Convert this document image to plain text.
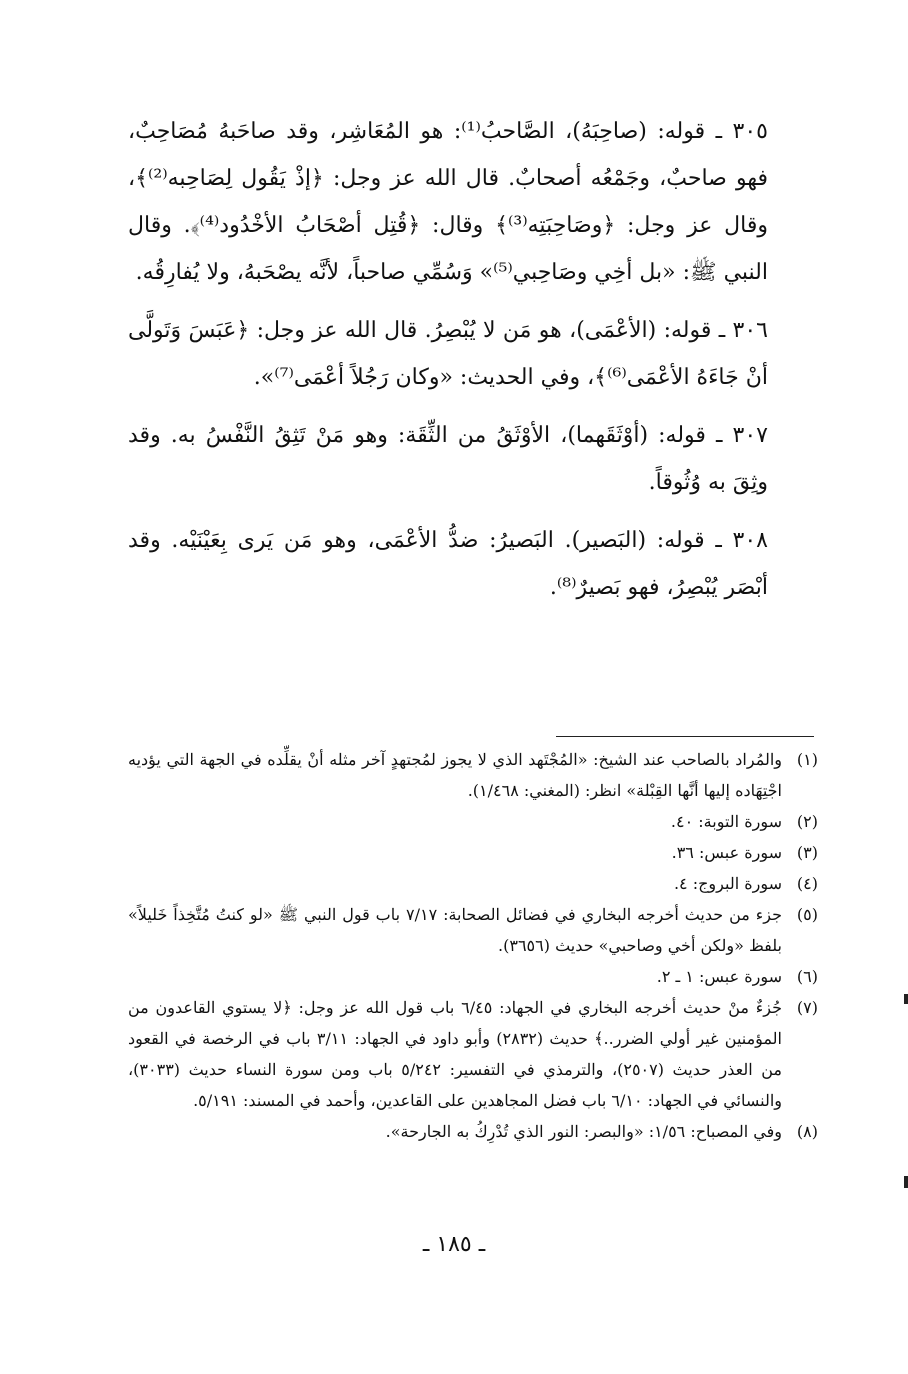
٣٠٥ ـ قوله: (صاحِبَهُ)، الصَّاحبُ⁽¹⁾: هو المُعَاشِر، وقد صاحَبهُ مُصَاحِبٌ، فهو صاحبٌ، وجَمْعُه أصحابٌ. قال الله عز وجل: ﴿إذْ يَقُول لِصَاحِبه⁽²⁾﴾، وقال عز وجل: ﴿وصَاحِبَتِه⁽³⁾﴾ وقال: ﴿قُتِل أصْحَابُ الأخْدُود⁽⁴⁾﴾. وقال النبي ﷺ: «بل أخِي وصَاحِبي⁽⁵⁾» وَسُمِّي صاحباً، لأنَّه يصْحَبهُ، ولا يُفارِقُه.

٣٠٦ ـ قوله: (الأعْمَى)، هو مَن لا يُبْصِرُ. قال الله عز وجل: ﴿عَبَسَ وَتَولَّى أنْ جَاءَهُ الأعْمَى⁽⁶⁾﴾، وفي الحديث: «وكان رَجُلاً أعْمَى⁽⁷⁾».

٣٠٧ ـ قوله: (أوْثَقَهما)، الأوْثَقُ من الثِّقَة: وهو مَنْ تَثِقُ النَّفْسُ به. وقد وثِقَ به وُثُوقاً.

٣٠٨ ـ قوله: (البَصير). البَصيرُ: ضدُّ الأعْمَى، وهو مَن يَرى بِعَيْنَيْه. وقد أبْصَر يُبْصِرُ، فهو بَصيرٌ⁽⁸⁾.

(١)
والمُراد بالصاحب عند الشيخ: «المُجْتَهد الذي لا يجوز لمُجتهدٍ آخر مثله أنْ يقلِّده في الجهة التي يؤديه اجْتِهَاده إليها أنَّها القِبْلة» انظر: (المغني: ١/٤٦٨).

(٢)
سورة التوبة: ٤٠.

(٣)
سورة عبس: ٣٦.

(٤)
سورة البروج: ٤.

(٥)
جزء من حديث أخرجه البخاري في فضائل الصحابة: ٧/١٧ باب قول النبي ﷺ «لو كنتُ مُتَّخِذاً خَليلاً» بلفظ «ولكن أخي وصاحبي» حديث (٣٦٥٦).

(٦)
سورة عبس: ١ ـ ٢.

(٧)
جُزءٌ منْ حديث أخرجه البخاري في الجهاد: ٦/٤٥ باب قول الله عز وجل: ﴿لا يستوي القاعدون من المؤمنين غير أولي الضرر..﴾ حديث (٢٨٣٢) وأبو داود في الجهاد: ٣/١١ باب في الرخصة في القعود من العذر حديث (٢٥٠٧)، والترمذي في التفسير: ٥/٢٤٢ باب ومن سورة النساء حديث (٣٠٣٣)، والنسائي في الجهاد: ٦/١٠ باب فضل المجاهدين على القاعدين، وأحمد في المسند: ٥/١٩١.

(٨)
وفي المصباح: ١/٥٦: «والبصر: النور الذي تُدْرِكُ به الجارحة».

ـ ١٨٥ ـ
